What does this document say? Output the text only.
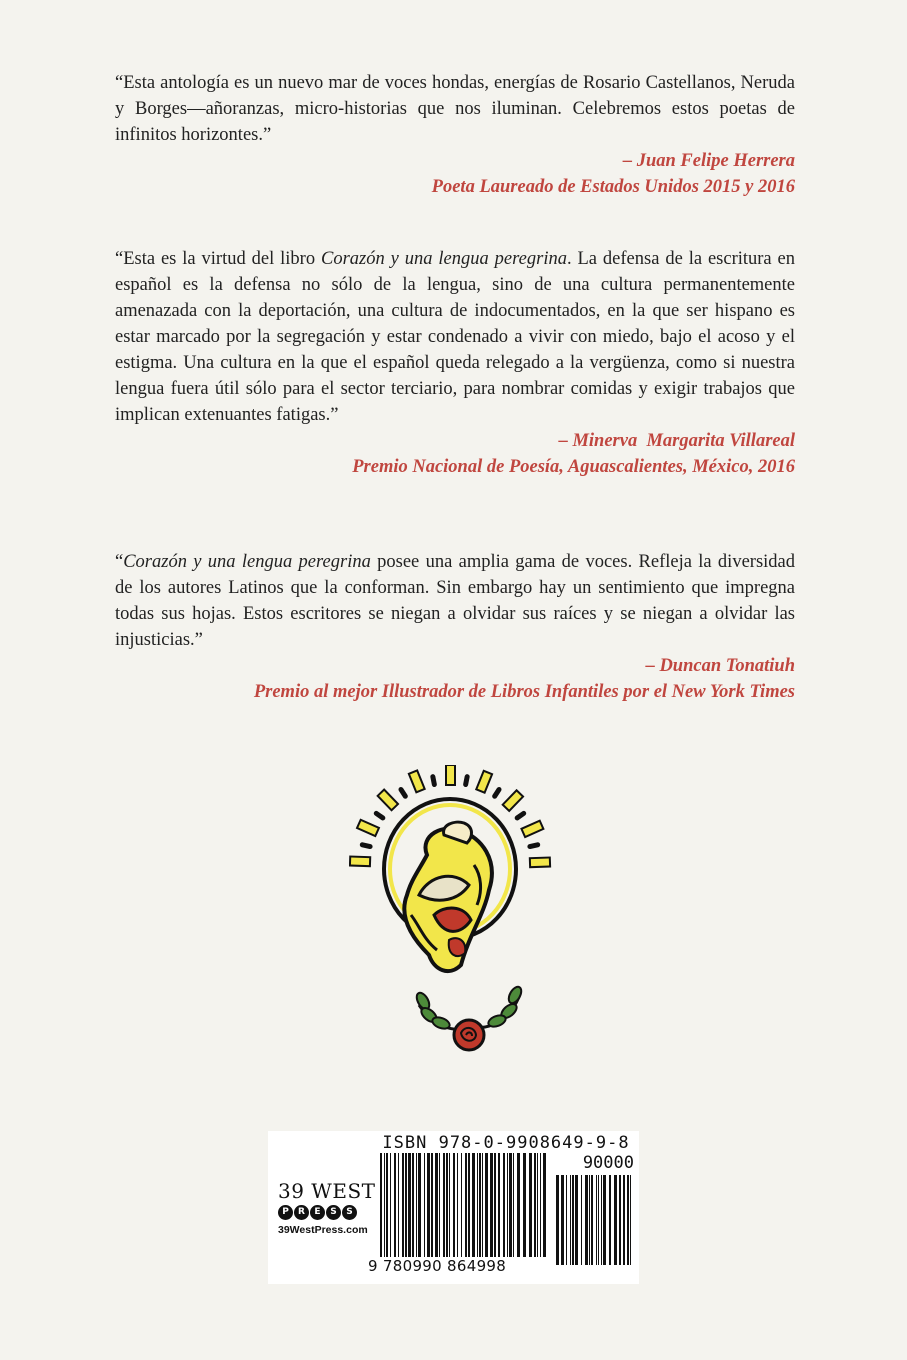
“Esta antología es un nuevo mar de voces hondas, energías de Rosario Castellanos, Neruda y Borges—añoranzas, micro-historias que nos iluminan. Celebremos estos poetas de infinitos horizontes.”

– Juan Felipe Herrera
Poeta Laureado de Estados Unidos 2015 y 2016

“Esta es la virtud del libro Corazón y una lengua peregrina. La defensa de la escritura en español es la defensa no sólo de la lengua, sino de una cultura permanentemente amenazada con la deportación, una cultura de indocumentados, en la que ser hispano es estar marcado por la segregación y estar condenado a vivir con miedo, bajo el acoso y el estigma. Una cultura en la que el español queda relegado a la vergüenza, como si nuestra lengua fuera útil sólo para el sector terciario, para nombrar comidas y exigir trabajos que implican extenuantes fatigas.”

– Minerva  Margarita Villareal
Premio Nacional de Poesía, Aguascalientes, México, 2016

“Corazón y una lengua peregrina posee una amplia gama de voces. Refleja la diversidad de los autores Latinos que la conforman. Sin embargo hay un sentimiento que impregna todas sus hojas. Estos escritores se niegan a olvidar sus raíces y se niegan a olvidar las injusticias.”

– Duncan Tonatiuh
Premio al mejor Illustrador de Libros Infantiles por el New York Times
ISBN 978-0-9908649-9-8
90000
39 WEST
P	R	E	S	S
39WestPress.com
9 780990 864998
